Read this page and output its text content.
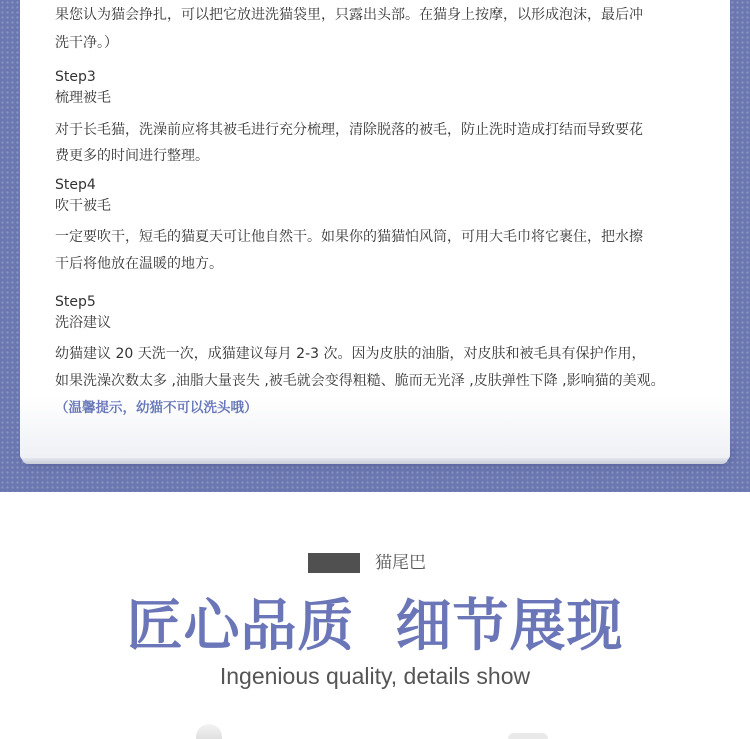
果您认为猫会挣扎，可以把它放进洗猫袋里，只露出头部。在猫身上按摩，以形成泡沫，最后冲

洗干净。）

Step3

梳理被毛

对于长毛猫，洗澡前应将其被毛进行充分梳理，清除脱落的被毛，防止洗时造成打结而导致要花

费更多的时间进行整理。

Step4

吹干被毛

一定要吹干，短毛的猫夏天可让他自然干。如果你的猫猫怕风筒，可用大毛巾将它裹住，把水擦

干后将他放在温暖的地方。

Step5

洗浴建议

幼猫建议 20 天洗一次，成猫建议每月 2-3 次。因为皮肤的油脂，对皮肤和被毛具有保护作用，

如果洗澡次数太多 ,油脂大量丧失 ,被毛就会变得粗糙、脆而无光泽 ,皮肤弹性下降 ,影响猫的美观。

（温馨提示，幼猫不可以洗头哦）

猫尾巴
匠心品质  细节展现
Ingenious quality, details show
